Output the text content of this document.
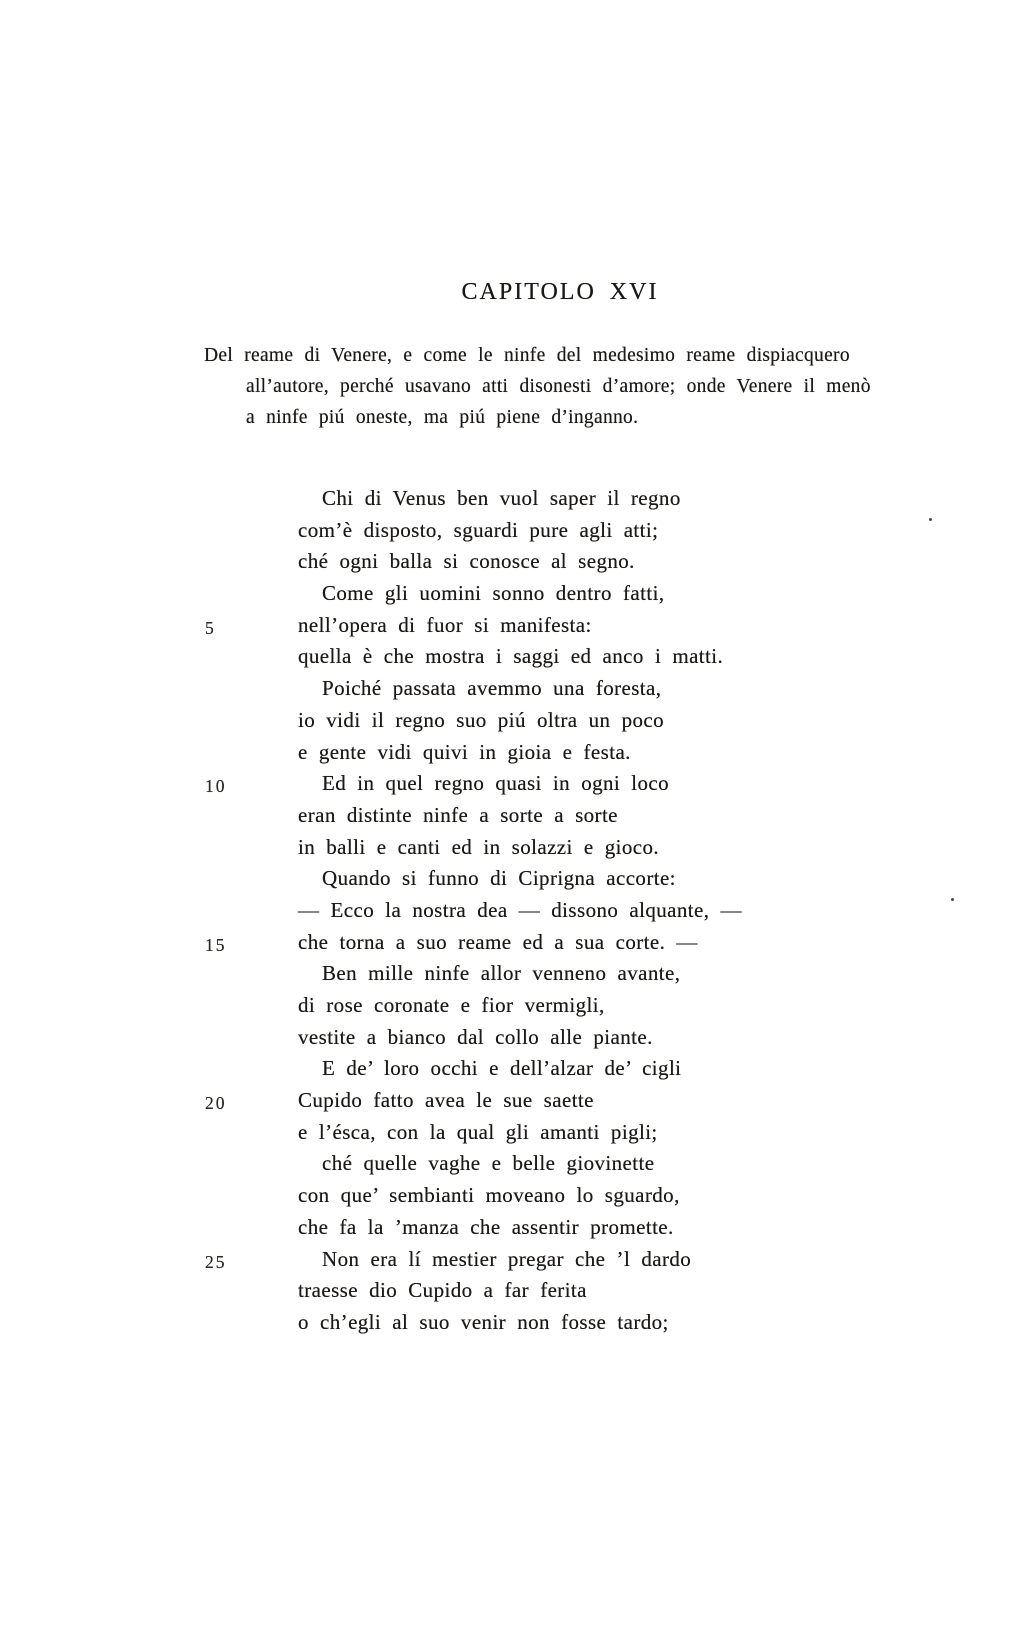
CAPITOLO XVI
Del reame di Venere, e come le ninfe del medesimo reame dispiacquero
all’autore, perché usavano atti disonesti d’amore; onde Venere il menò
a ninfe piú oneste, ma piú piene d’inganno.
Chi di Venus ben vuol saper il regno
com’è disposto, sguardi pure agli atti;
ché ogni balla si conosce al segno.
Come gli uomini sonno dentro fatti,
5	nell’opera di fuor si manifesta:
quella è che mostra i saggi ed anco i matti.
Poiché passata avemmo una foresta,
io vidi il regno suo piú oltra un poco
e gente vidi quivi in gioia e festa.
10	Ed in quel regno quasi in ogni loco
eran distinte ninfe a sorte a sorte
in balli e canti ed in solazzi e gioco.
Quando si funno di Ciprigna accorte:
— Ecco la nostra dea — dissono alquante, —
15	che torna a suo reame ed a sua corte. —
Ben mille ninfe allor venneno avante,
di rose coronate e fior vermigli,
vestite a bianco dal collo alle piante.
E de’ loro occhi e dell’alzar de’ cigli
20	Cupido fatto avea le sue saette
e l’ésca, con la qual gli amanti pigli;
ché quelle vaghe e belle giovinette
con que’ sembianti moveano lo sguardo,
che fa la ’manza che assentir promette.
25	Non era lí mestier pregar che ’l dardo
traesse dio Cupido a far ferita
o ch’egli al suo venir non fosse tardo;
